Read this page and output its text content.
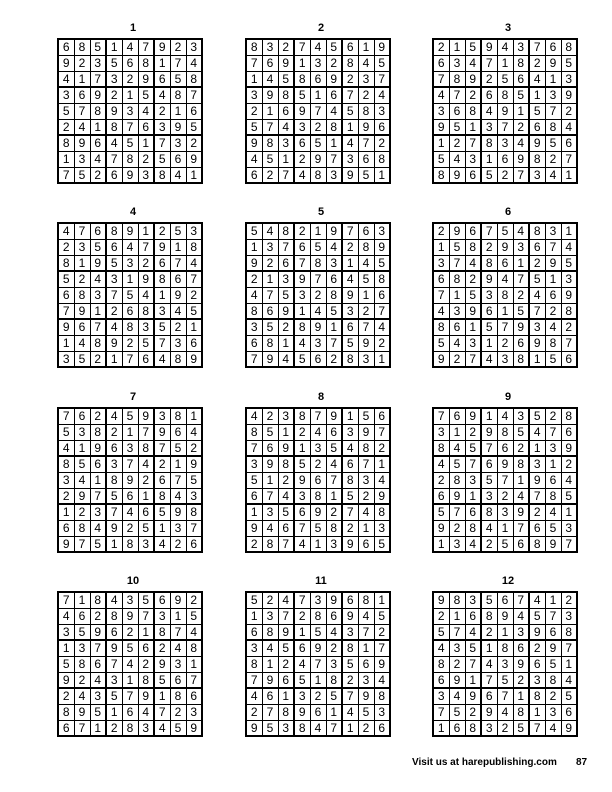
1
6	8	5	1	4	7	9	2	3
9	2	3	5	6	8	1	7	4
4	1	7	3	2	9	6	5	8
3	6	9	2	1	5	4	8	7
5	7	8	9	3	4	2	1	6
2	4	1	8	7	6	3	9	5
8	9	6	4	5	1	7	3	2
1	3	4	7	8	2	5	6	9
7	5	2	6	9	3	8	4	1
2
8	3	2	7	4	5	6	1	9
7	6	9	1	3	2	8	4	5
1	4	5	8	6	9	2	3	7
3	9	8	5	1	6	7	2	4
2	1	6	9	7	4	5	8	3
5	7	4	3	2	8	1	9	6
9	8	3	6	5	1	4	7	2
4	5	1	2	9	7	3	6	8
6	2	7	4	8	3	9	5	1
3
2	1	5	9	4	3	7	6	8
6	3	4	7	1	8	2	9	5
7	8	9	2	5	6	4	1	3
4	7	2	6	8	5	1	3	9
3	6	8	4	9	1	5	7	2
9	5	1	3	7	2	6	8	4
1	2	7	8	3	4	9	5	6
5	4	3	1	6	9	8	2	7
8	9	6	5	2	7	3	4	1
4
4	7	6	8	9	1	2	5	3
2	3	5	6	4	7	9	1	8
8	1	9	5	3	2	6	7	4
5	2	4	3	1	9	8	6	7
6	8	3	7	5	4	1	9	2
7	9	1	2	6	8	3	4	5
9	6	7	4	8	3	5	2	1
1	4	8	9	2	5	7	3	6
3	5	2	1	7	6	4	8	9
5
5	4	8	2	1	9	7	6	3
1	3	7	6	5	4	2	8	9
9	2	6	7	8	3	1	4	5
2	1	3	9	7	6	4	5	8
4	7	5	3	2	8	9	1	6
8	6	9	1	4	5	3	2	7
3	5	2	8	9	1	6	7	4
6	8	1	4	3	7	5	9	2
7	9	4	5	6	2	8	3	1
6
2	9	6	7	5	4	8	3	1
1	5	8	2	9	3	6	7	4
3	7	4	8	6	1	2	9	5
6	8	2	9	4	7	5	1	3
7	1	5	3	8	2	4	6	9
4	3	9	6	1	5	7	2	8
8	6	1	5	7	9	3	4	2
5	4	3	1	2	6	9	8	7
9	2	7	4	3	8	1	5	6
7
7	6	2	4	5	9	3	8	1
5	3	8	2	1	7	9	6	4
4	1	9	6	3	8	7	5	2
8	5	6	3	7	4	2	1	9
3	4	1	8	9	2	6	7	5
2	9	7	5	6	1	8	4	3
1	2	3	7	4	6	5	9	8
6	8	4	9	2	5	1	3	7
9	7	5	1	8	3	4	2	6
8
4	2	3	8	7	9	1	5	6
8	5	1	2	4	6	3	9	7
7	6	9	1	3	5	4	8	2
3	9	8	5	2	4	6	7	1
5	1	2	9	6	7	8	3	4
6	7	4	3	8	1	5	2	9
1	3	5	6	9	2	7	4	8
9	4	6	7	5	8	2	1	3
2	8	7	4	1	3	9	6	5
9
7	6	9	1	4	3	5	2	8
3	1	2	9	8	5	4	7	6
8	4	5	7	6	2	1	3	9
4	5	7	6	9	8	3	1	2
2	8	3	5	7	1	9	6	4
6	9	1	3	2	4	7	8	5
5	7	6	8	3	9	2	4	1
9	2	8	4	1	7	6	5	3
1	3	4	2	5	6	8	9	7
10
7	1	8	4	3	5	6	9	2
4	6	2	8	9	7	3	1	5
3	5	9	6	2	1	8	7	4
1	3	7	9	5	6	2	4	8
5	8	6	7	4	2	9	3	1
9	2	4	3	1	8	5	6	7
2	4	3	5	7	9	1	8	6
8	9	5	1	6	4	7	2	3
6	7	1	2	8	3	4	5	9
11
5	2	4	7	3	9	6	8	1
1	3	7	2	8	6	9	4	5
6	8	9	1	5	4	3	7	2
3	4	5	6	9	2	8	1	7
8	1	2	4	7	3	5	6	9
7	9	6	5	1	8	2	3	4
4	6	1	3	2	5	7	9	8
2	7	8	9	6	1	4	5	3
9	5	3	8	4	7	1	2	6
12
9	8	3	5	6	7	4	1	2
2	1	6	8	9	4	5	7	3
5	7	4	2	1	3	9	6	8
4	3	5	1	8	6	2	9	7
8	2	7	4	3	9	6	5	1
6	9	1	7	5	2	3	8	4
3	4	9	6	7	1	8	2	5
7	5	2	9	4	8	1	3	6
1	6	8	3	2	5	7	4	9
Visit us at harepublishing.com 87
